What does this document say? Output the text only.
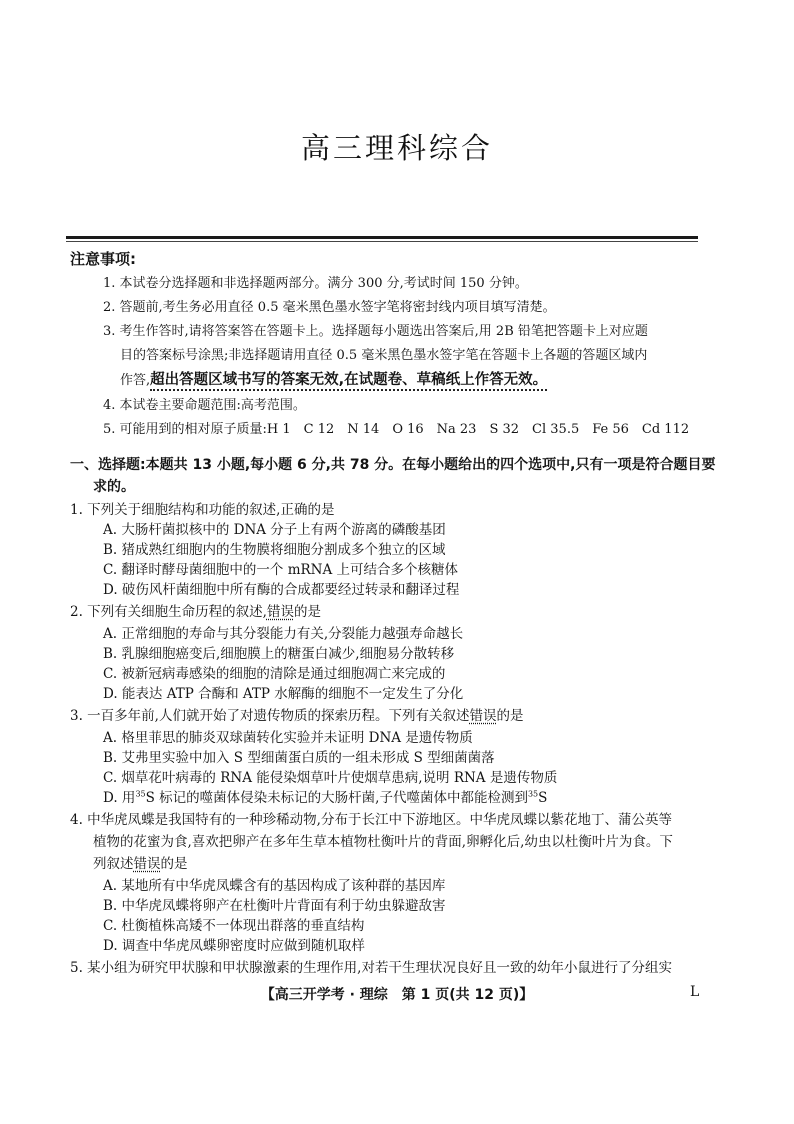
高三理科综合
注意事项:
1. 本试卷分选择题和非选择题两部分。满分 300 分,考试时间 150 分钟。
2. 答题前,考生务必用直径 0.5 毫米黑色墨水签字笔将密封线内项目填写清楚。
3. 考生作答时,请将答案答在答题卡上。选择题每小题选出答案后,用 2B 铅笔把答题卡上对应题
目的答案标号涂黑;非选择题请用直径 0.5 毫米黑色墨水签字笔在答题卡上各题的答题区域内
作答,超出答题区域书写的答案无效,在试题卷、草稿纸上作答无效。
4. 本试卷主要命题范围:高考范围。
5. 可能用到的相对原子质量:H 1　C 12　N 14　O 16　Na 23　S 32　Cl 35.5　Fe 56　Cd 112
一、选择题:本题共 13 小题,每小题 6 分,共 78 分。在每小题给出的四个选项中,只有一项是符合题目要
求的。
1. 下列关于细胞结构和功能的叙述,正确的是
A. 大肠杆菌拟核中的 DNA 分子上有两个游离的磷酸基团
B. 猪成熟红细胞内的生物膜将细胞分割成多个独立的区域
C. 翻译时酵母菌细胞中的一个 mRNA 上可结合多个核糖体
D. 破伤风杆菌细胞中所有酶的合成都要经过转录和翻译过程
2. 下列有关细胞生命历程的叙述,错误的是
A. 正常细胞的寿命与其分裂能力有关,分裂能力越强寿命越长
B. 乳腺细胞癌变后,细胞膜上的糖蛋白减少,细胞易分散转移
C. 被新冠病毒感染的细胞的清除是通过细胞凋亡来完成的
D. 能表达 ATP 合酶和 ATP 水解酶的细胞不一定发生了分化
3. 一百多年前,人们就开始了对遗传物质的探索历程。下列有关叙述错误的是
A. 格里菲思的肺炎双球菌转化实验并未证明 DNA 是遗传物质
B. 艾弗里实验中加入 S 型细菌蛋白质的一组未形成 S 型细菌菌落
C. 烟草花叶病毒的 RNA 能侵染烟草叶片使烟草患病,说明 RNA 是遗传物质
D. 用$^{35}$S 标记的噬菌体侵染未标记的大肠杆菌,子代噬菌体中都能检测到$^{35}$S
4. 中华虎凤蝶是我国特有的一种珍稀动物,分布于长江中下游地区。中华虎凤蝶以紫花地丁、蒲公英等
植物的花蜜为食,喜欢把卵产在多年生草本植物杜衡叶片的背面,卵孵化后,幼虫以杜衡叶片为食。下
列叙述错误的是
A. 某地所有中华虎凤蝶含有的基因构成了该种群的基因库
B. 中华虎凤蝶将卵产在杜衡叶片背面有利于幼虫躲避敌害
C. 杜衡植株高矮不一体现出群落的垂直结构
D. 调查中华虎凤蝶卵密度时应做到随机取样
5. 某小组为研究甲状腺和甲状腺激素的生理作用,对若干生理状况良好且一致的幼年小鼠进行了分组实
【高三开学考 · 理综　第 1 页(共 12 页)】	L
